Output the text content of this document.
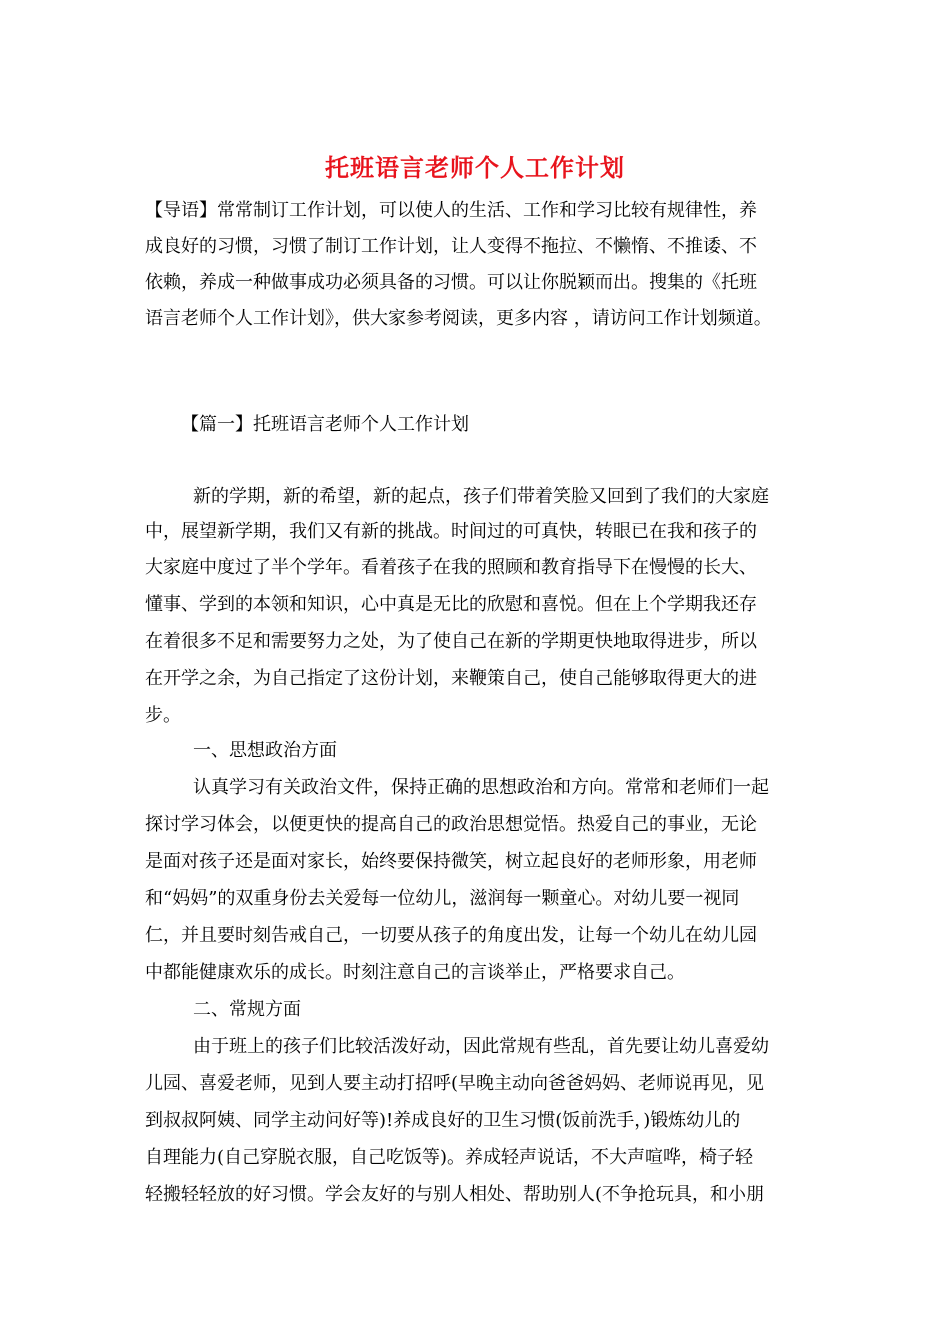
托班语言老师个人工作计划
【导语】常常制订工作计划，可以使人的生活、工作和学习比较有规律性，养
成良好的习惯，习惯了制订工作计划，让人变得不拖拉、不懒惰、不推诿、不
依赖，养成一种做事成功必须具备的习惯。可以让你脱颖而出。搜集的《托班
语言老师个人工作计划》，供大家参考阅读，更多内容 ，请访问工作计划频道。
【篇一】托班语言老师个人工作计划
新的学期，新的希望，新的起点，孩子们带着笑脸又回到了我们的大家庭
中，展望新学期，我们又有新的挑战。时间过的可真快，转眼已在我和孩子的
大家庭中度过了半个学年。看着孩子在我的照顾和教育指导下在慢慢的长大、
懂事、学到的本领和知识，心中真是无比的欣慰和喜悦。但在上个学期我还存
在着很多不足和需要努力之处，为了使自己在新的学期更快地取得进步，所以
在开学之余，为自己指定了这份计划，来鞭策自己，使自己能够取得更大的进
步。
一、思想政治方面
认真学习有关政治文件，保持正确的思想政治和方向。常常和老师们一起
探讨学习体会，以便更快的提高自己的政治思想觉悟。热爱自己的事业，无论
是面对孩子还是面对家长，始终要保持微笑，树立起良好的老师形象，用老师
和“妈妈”的双重身份去关爱每一位幼儿，滋润每一颗童心。对幼儿要一视同
仁，并且要时刻告戒自己，一切要从孩子的角度出发，让每一个幼儿在幼儿园
中都能健康欢乐的成长。时刻注意自己的言谈举止，严格要求自己。
二、常规方面
由于班上的孩子们比较活泼好动，因此常规有些乱，首先要让幼儿喜爱幼
儿园、喜爱老师，见到人要主动打招呼(早晚主动向爸爸妈妈、老师说再见，见
到叔叔阿姨、同学主动问好等)!养成良好的卫生习惯(饭前洗手，)锻炼幼儿的
自理能力(自己穿脱衣服，自己吃饭等)。养成轻声说话，不大声喧哗，椅子轻
轻搬轻轻放的好习惯。学会友好的与别人相处、帮助别人(不争抢玩具，和小朋
